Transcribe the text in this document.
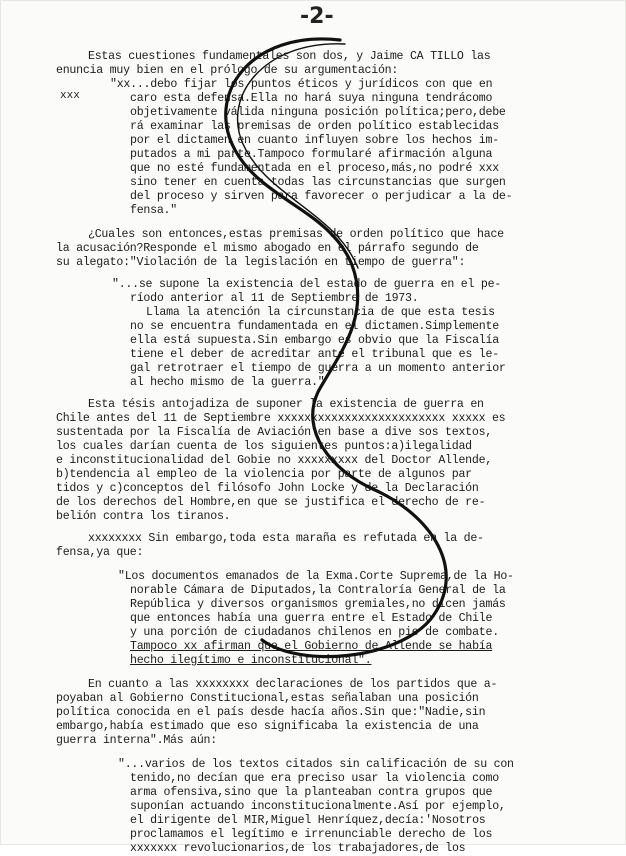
-2-
xxx
Estas cuestiones fundamentales son dos, y Jaime CA TILLO las
enuncia muy bien en el prólogo de su argumentación:
"xx...debo fijar los puntos éticos y jurídicos con que en
caro esta defensa.Ella no hará suya ninguna tendrácomo
objetivamente válida ninguna posición política;pero,debe
rá examinar las premisas de orden político establecidas
por el dictamen en cuanto influyen sobre los hechos im-
putados a mi parte.Tampoco formularé afirmación alguna
que no esté fundamentada en el proceso,más,no podré xxx
sino tener en cuenta todas las circunstancias que surgen
del proceso y sirven para favorecer o perjudicar a la de-
fensa."
¿Cuales son entonces,estas premisas de orden político que hace
la acusación?Responde el mismo abogado en el párrafo segundo de
su alegato:"Violación de la legislación en tiempo de guerra":
"...se supone la existencia del estado de guerra en el pe-
ríodo anterior al 11 de Septiembre de 1973.
Llama la atención la circunstancia de que esta tesis
no se encuentra fundamentada en el dictamen.Simplemente
ella está supuesta.Sin embargo es obvio que la Fiscalía
tiene el deber de acreditar ante el tribunal que es le-
gal retrotraer el tiempo de guerra a un momento anterior
al hecho mismo de la guerra."
Esta tésis antojadiza de suponer la existencia de guerra en
Chile antes del 11 de Septiembre xxxxxxxxxxxxxxxxxxxxxxxxx xxxxx es
sustentada por la Fiscalía de Aviación en base a dive sos textos,
los cuales darían cuenta de los siguientes puntos:a)ilegalidad
e inconstitucionalidad del Gobie no xxxxxxxxx del Doctor Allende,
b)tendencia al empleo de la violencia por parte de algunos par
tidos y c)conceptos del filósofo John Locke y de la Declaración
de los derechos del Hombre,en que se justifica el derecho de re-
belión contra los tiranos.
xxxxxxxx Sin embargo,toda esta maraña es refutada en la de-
fensa,ya que:
"Los documentos emanados de la Exma.Corte Suprema,de la Ho-
norable Cámara de Diputados,la Contraloría General de la
República y diversos organismos gremiales,no dicen jamás
que entonces había una guerra entre el Estado de Chile
y una porción de ciudadanos chilenos en pie de combate.
Tampoco xx afirman que el Gobierno de Allende se había
hecho ilegítimo e inconstitucional".
En cuanto a las xxxxxxxx declaraciones de los partidos que a-
poyaban al Gobierno Constitucional,estas señalaban una posición
política conocida en el país desde hacía años.Sin que:"Nadie,sin
embargo,había estimado que eso significaba la existencia de una
guerra interna".Más aún:
"...varios de los textos citados sin calificación de su con
tenido,no decían que era preciso usar la violencia como
arma ofensiva,sino que la planteaban contra grupos que
suponían actuando inconstitucionalmente.Así por ejemplo,
el dirigente del MIR,Miguel Henríquez,decía:'Nosotros
proclamamos el legítimo e irrenunciable derecho de los
xxxxxxx revolucionarios,de los trabajadores,de los
